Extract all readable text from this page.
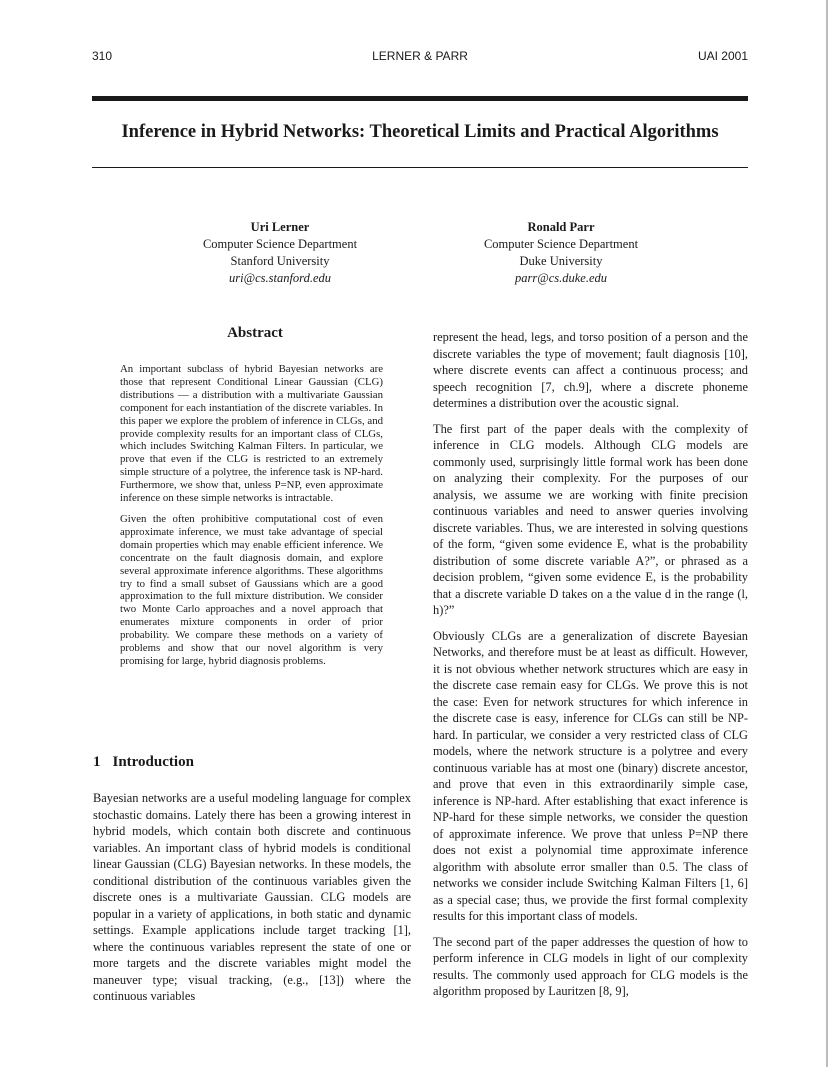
310	LERNER & PARR	UAI 2001
Inference in Hybrid Networks: Theoretical Limits and Practical Algorithms
Uri Lerner
Computer Science Department
Stanford University
uri@cs.stanford.edu
Ronald Parr
Computer Science Department
Duke University
parr@cs.duke.edu
Abstract

An important subclass of hybrid Bayesian networks are those that represent Conditional Linear Gaussian (CLG) distributions — a distribution with a multivariate Gaussian component for each instantiation of the discrete variables. In this paper we explore the problem of inference in CLGs, and provide complexity results for an important class of CLGs, which includes Switching Kalman Filters. In particular, we prove that even if the CLG is restricted to an extremely simple structure of a polytree, the inference task is NP-hard. Furthermore, we show that, unless P=NP, even approximate inference on these simple networks is intractable.

Given the often prohibitive computational cost of even approximate inference, we must take advantage of special domain properties which may enable efficient inference. We concentrate on the fault diagnosis domain, and explore several approximate inference algorithms. These algorithms try to find a small subset of Gaussians which are a good approximation to the full mixture distribution. We consider two Monte Carlo approaches and a novel approach that enumerates mixture components in order of prior probability. We compare these methods on a variety of problems and show that our novel algorithm is very promising for large, hybrid diagnosis problems.

1 Introduction

Bayesian networks are a useful modeling language for complex stochastic domains. Lately there has been a growing interest in hybrid models, which contain both discrete and continuous variables. An important class of hybrid models is conditional linear Gaussian (CLG) Bayesian networks. In these models, the conditional distribution of the continuous variables given the discrete ones is a multivariate Gaussian. CLG models are popular in a variety of applications, in both static and dynamic settings. Example applications include target tracking [1], where the continuous variables represent the state of one or more targets and the discrete variables might model the maneuver type; visual tracking, (e.g., [13]) where the continuous variables

represent the head, legs, and torso position of a person and the discrete variables the type of movement; fault diagnosis [10], where discrete events can affect a continuous process; and speech recognition [7, ch.9], where a discrete phoneme determines a distribution over the acoustic signal.

The first part of the paper deals with the complexity of inference in CLG models. Although CLG models are commonly used, surprisingly little formal work has been done on analyzing their complexity. For the purposes of our analysis, we assume we are working with finite precision continuous variables and need to answer queries involving discrete variables. Thus, we are interested in solving questions of the form, “given some evidence E, what is the probability distribution of some discrete variable A?”, or phrased as a decision problem, “given some evidence E, is the probability that a discrete variable D takes on a the value d in the range (l, h)?”

Obviously CLGs are a generalization of discrete Bayesian Networks, and therefore must be at least as difficult. However, it is not obvious whether network structures which are easy in the discrete case remain easy for CLGs. We prove this is not the case: Even for network structures for which inference in the discrete case is easy, inference for CLGs can still be NP-hard. In particular, we consider a very restricted class of CLG models, where the network structure is a polytree and every continuous variable has at most one (binary) discrete ancestor, and prove that even in this extraordinarily simple case, inference is NP-hard. After establishing that exact inference is NP-hard for these simple networks, we consider the question of approximate inference. We prove that unless P=NP there does not exist a polynomial time approximate inference algorithm with absolute error smaller than 0.5. The class of networks we consider include Switching Kalman Filters [1, 6] as a special case; thus, we provide the first formal complexity results for this important class of models.

The second part of the paper addresses the question of how to perform inference in CLG models in light of our complexity results. The commonly used approach for CLG models is the algorithm proposed by Lauritzen [8, 9],
